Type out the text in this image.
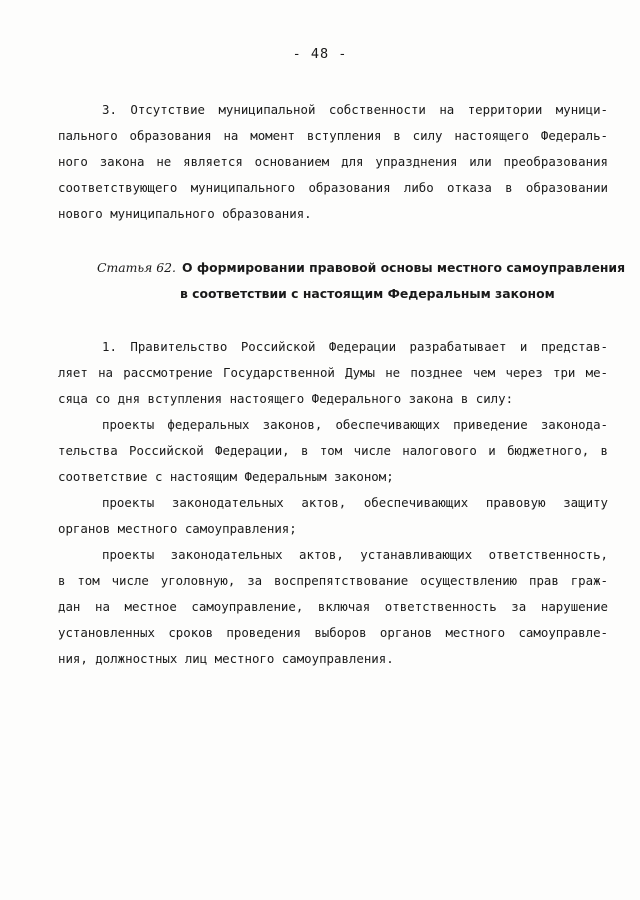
- 48 -
3. Отсутствие муниципальной собственности на территории муници-
пального образования на момент вступления в силу настоящего Федераль-
ного закона не является основанием для упразднения или преобразования
соответствующего муниципального образования либо отказа в образовании
нового муниципального образования.
Статья 62. О формировании правовой основы местного самоуправления
в соответствии с настоящим Федеральным законом
1. Правительство Российской Федерации разрабатывает и представ-
ляет на рассмотрение Государственной Думы не позднее чем через три ме-
сяца со дня вступления настоящего Федерального закона в силу:
проекты федеральных законов, обеспечивающих приведение законода-
тельства Российской Федерации, в том числе налогового и бюджетного, в
соответствие с настоящим Федеральным законом;
проекты законодательных актов, обеспечивающих правовую защиту
органов местного самоуправления;
проекты законодательных актов, устанавливающих ответственность,
в том числе уголовную, за воспрепятствование осуществлению прав граж-
дан на местное самоуправление, включая ответственность за нарушение
установленных сроков проведения выборов органов местного самоуправле-
ния, должностных лиц местного самоуправления.
